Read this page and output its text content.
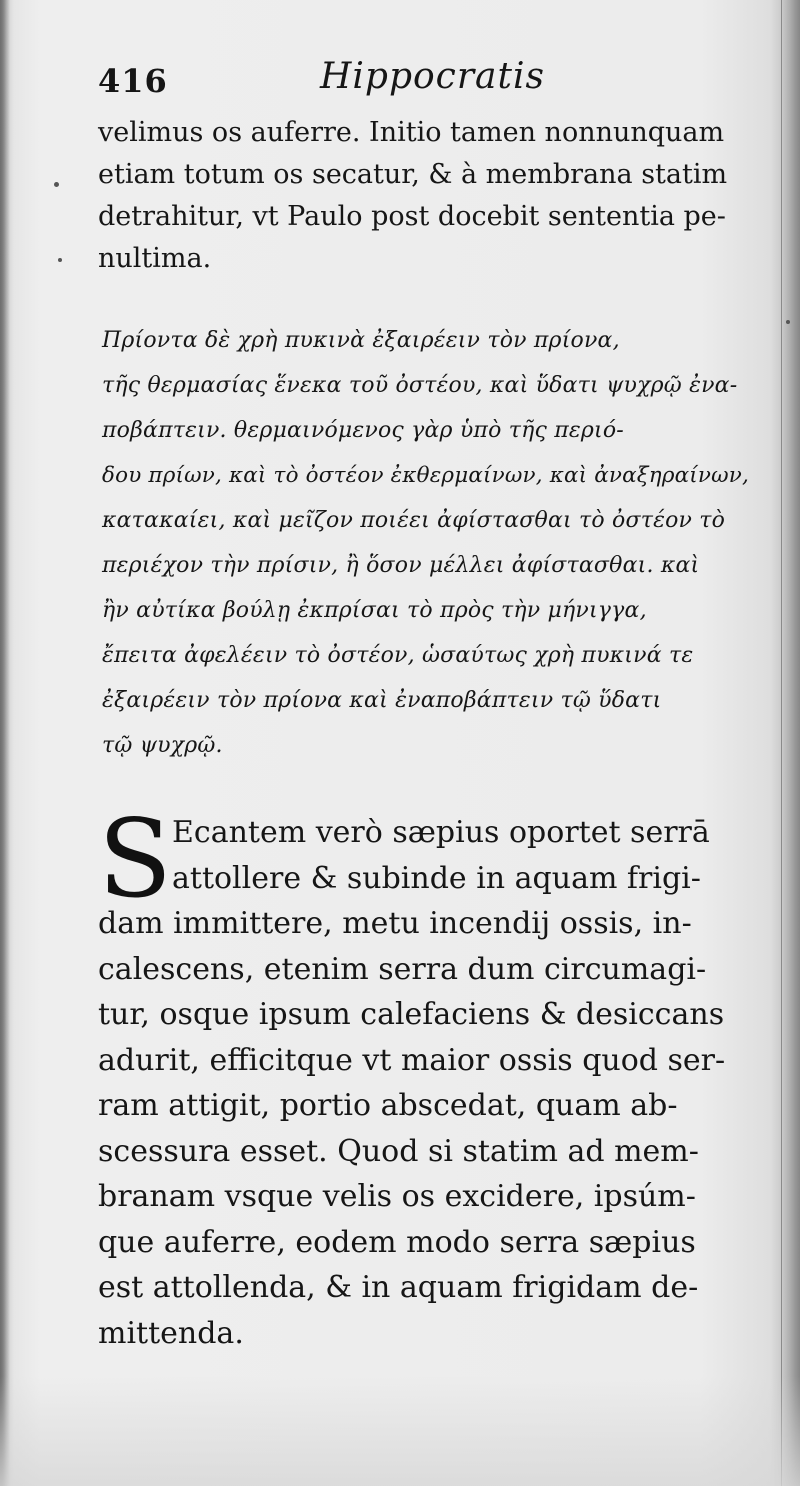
416	Hippocratis
velimus os auferre. Initio tamen nonnunquam
etiam totum os secatur, & à membrana statim
detrahitur, vt Paulo post docebit sententia pe-
nultima.
Πρίοντα δὲ χρὴ πυκινὰ ἐξαιρέειν τὸν πρίονα,
τῆς θερμασίας ἕνεκα τοῦ ὀστέου, καὶ ὕδατι ψυχρῷ ἐνα-
ποβάπτειν. θερμαινόμενος γὰρ ὑπὸ τῆς περιό-
δου πρίων, καὶ τὸ ὀστέον ἐκθερμαίνων, καὶ ἀναξηραίνων,
κατακαίει, καὶ μεῖζον ποιέει ἀφίστασθαι τὸ ὀστέον τὸ
περιέχον τὴν πρίσιν, ἢ ὅσον μέλλει ἀφίστασθαι. καὶ
ἢν αὐτίκα βούλῃ ἐκπρίσαι τὸ πρὸς τὴν μήνιγγα,
ἔπειτα ἀφελέειν τὸ ὀστέον, ὡσαύτως χρὴ πυκινά τε
ἐξαιρέειν τὸν πρίονα καὶ ἐναποβάπτειν τῷ ὕδατι
τῷ ψυχρῷ.
S Ecantem verò sæpius oportet serrā
attollere & subinde in aquam frigi-
dam immittere, metu incendij ossis, in-
calescens, etenim serra dum circumagi-
tur, osque ipsum calefaciens & desiccans
adurit, efficitque vt maior ossis quod ser-
ram attigit, portio abscedat, quam ab-
scessura esset. Quod si statim ad mem-
branam vsque velis os excidere, ipsúm-
que auferre, eodem modo serra sæpius
est attollenda, & in aquam frigidam de-
mittenda.
